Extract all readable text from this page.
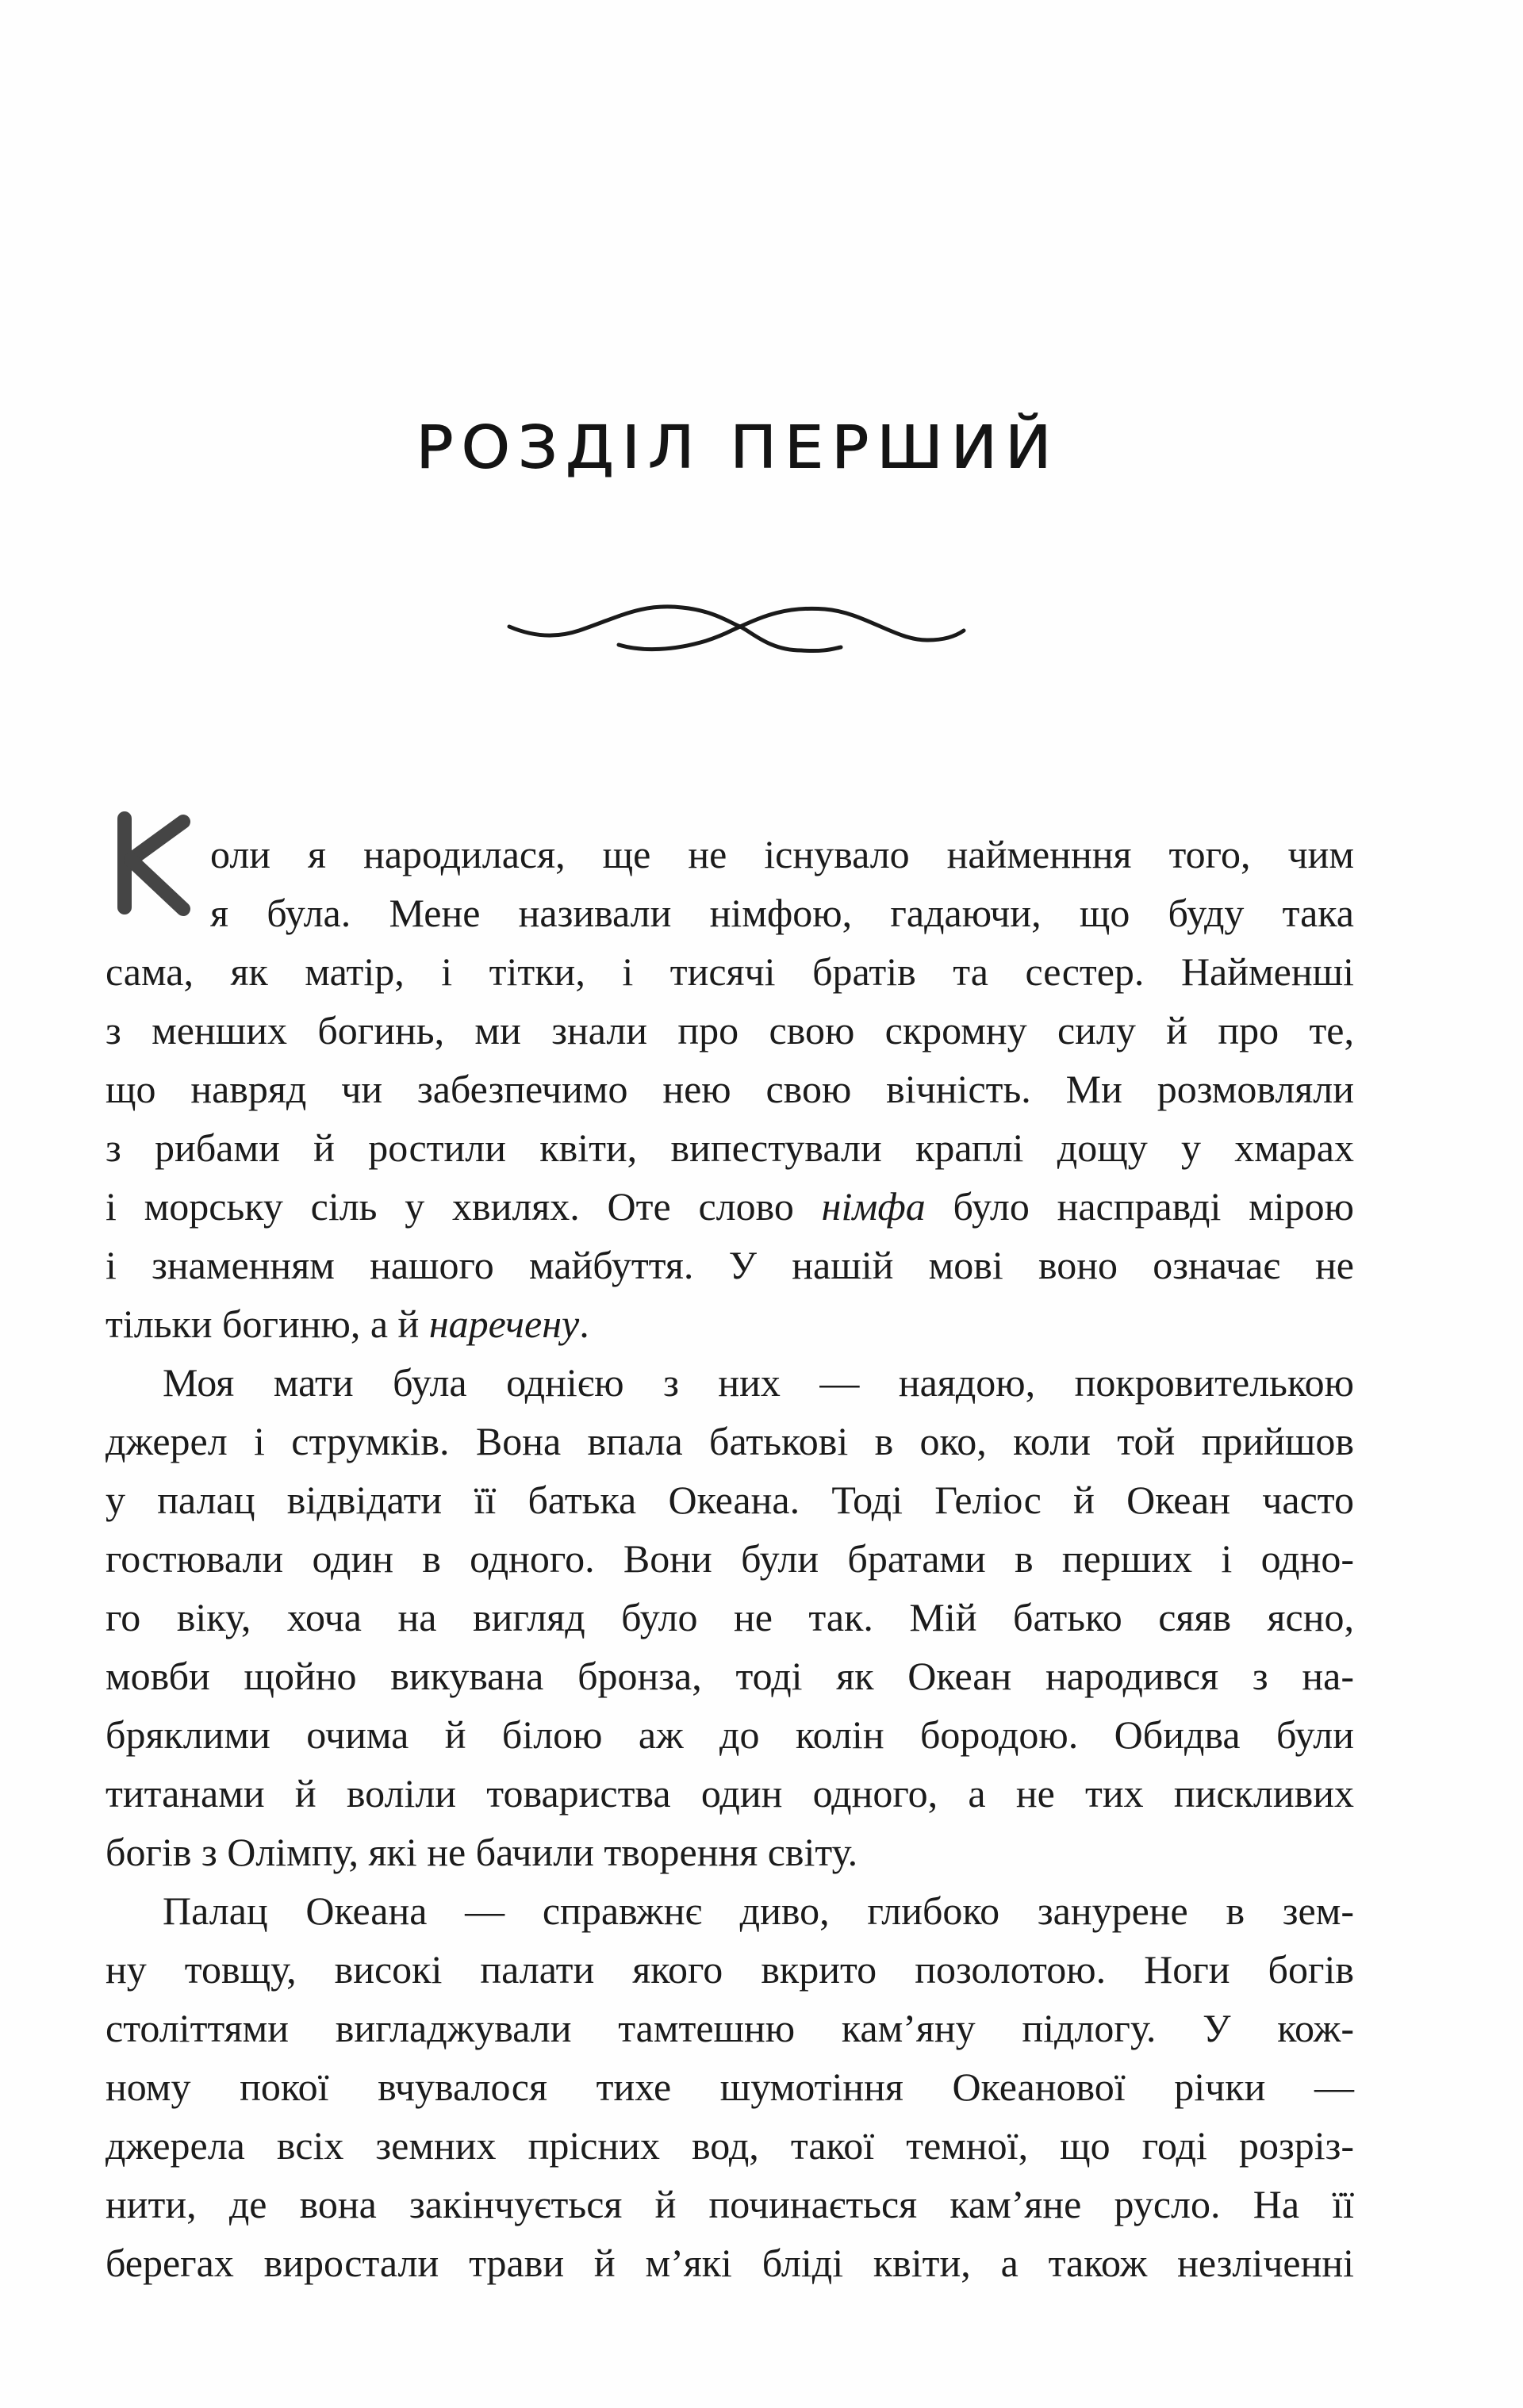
РОЗДІЛ ПЕРШИЙ
оли я народилася, ще не існувало найменння того, чим
я була. Мене називали німфою, гадаючи, що буду така
сама, як матір, і тітки, і тисячі братів та сестер. Найменші
з менших богинь, ми знали про свою скромну силу й про те,
що навряд чи забезпечимо нею свою вічність. Ми розмовляли
з рибами й ростили квіти, випестували краплі дощу у хмарах
і морську сіль у хвилях. Оте слово німфа було насправді мірою
і знаменням нашого майбуття. У нашій мові воно означає не
тільки богиню, а й наречену.
Моя мати була однією з них — наядою, покровителькою
джерел і струмків. Вона впала батькові в око, коли той прийшов
у палац відвідати її батька Океана. Тоді Геліос й Океан часто
гостювали один в одного. Вони були братами в перших і одно-
го віку, хоча на вигляд було не так. Мій батько сяяв ясно,
мовби щойно викувана бронза, тоді як Океан народився з на-
бряклими очима й білою аж до колін бородою. Обидва були
титанами й воліли товариства один одного, а не тих пискливих
богів з Олімпу, які не бачили творення світу.
Палац Океана — справжнє диво, глибоко занурене в зем-
ну товщу, високі палати якого вкрито позолотою. Ноги богів
століттями вигладжували тамтешню кам’яну підлогу. У кож-
ному покої вчувалося тихе шумотіння Океанової річки —
джерела всіх земних прісних вод, такої темної, що годі розріз-
нити, де вона закінчується й починається кам’яне русло. На її
берегах виростали трави й м’які бліді квіти, а також незліченні
